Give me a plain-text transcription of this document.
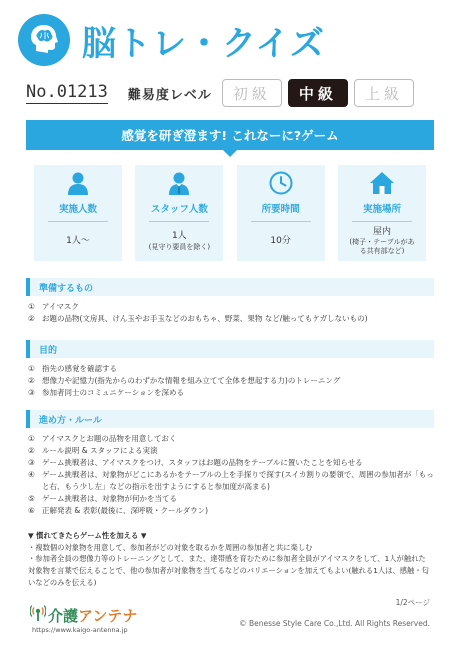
脳トレ・クイズ
No.01213 難易度レベル	初級	中級	上級
感覚を研ぎ澄ます! これなーに?ゲーム
実施人数
1人〜
スタッフ人数
1人
(見守り要員を除く)
所要時間
10分
実施場所
屋内
(椅子・テーブルがある共有部など)
準備するもの
① アイマスク
② お題の品物(文房具、けん玉やお手玉などのおもちゃ、野菜、果物 など/触ってもケガしないもの)
目的
① 指先の感覚を確認する
② 想像力や記憶力(指先からのわずかな情報を組み立てて全体を想起する力)のトレーニング
③ 参加者同士のコミュニケーションを深める
進め方・ルール
① アイマスクとお題の品物を用意しておく
② ルール説明 & スタッフによる実演
③ ゲーム挑戦者は、アイマスクをつけ、スタッフはお題の品物をテーブルに置いたことを知らせる
④ ゲーム挑戦者は、対象物がどこにあるかをテーブルの上を手探りで探す(スイカ割りの要領で、周囲の参加者が「もっと右、もう少し左」などの指示を出すようにすると参加度が高まる)
⑤ ゲーム挑戦者は、対象物が何かを当てる
⑥ 正解発表 & 表彰(最後に、深呼吸・クールダウン)
▼ 慣れてきたらゲーム性を加える ▼
・複数個の対象物を用意して、参加者がどの対象を取るかを周囲の参加者と共に楽しむ
・参加者全員の想像力等のトレーニングとして、また、達帯感を育むために参加者全員がアイマスクをして、1人が触れた対象物を言葉で伝えることで、他の参加者が対象物を当てるなどのバリエーションを加えてもよい(触れる1人は、感触・匂いなどのみを伝える)
1/2ページ
介護アンテナ
https://www.kaigo-antenna.jp
© Benesse Style Care Co.,Ltd. All Rights Reserved.
